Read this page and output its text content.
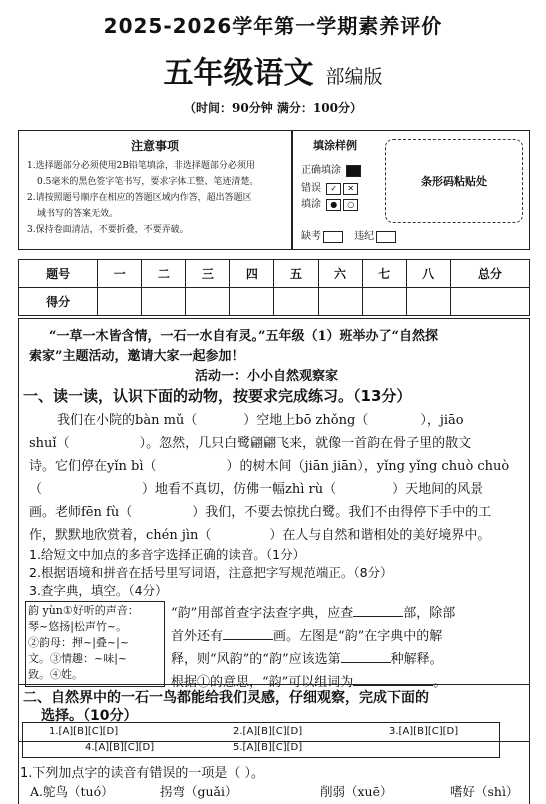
2025-2026学年第一学期素养评价
五年级语文 部编版
（时间：90分钟 满分：100分）
注意事项

1.选择题部分必须使用2B铅笔填涂，非选择题部分必须用

0.5毫米的黑色签字笔书写，要求字体工整、笔迹清楚。

2.请按照题号顺序在相应的答题区域内作答，超出答题区

域书写的答案无效。

3.保持卷面清洁，不要折叠，不要弄破。

填涂样例
正确填涂
错误 ✓ ✕
填涂 ● ○
缺考	违纪
条形码粘贴处
题号	一	二	三	四	五	六	七	八	总分
得分									
“一草一木皆含情，一石一水自有灵。”五年级（1）班举办了“自然探
索家”主题活动，邀请大家一起参加！
活动一：小小自然观察家
一、读一读，认识下面的动物，按要求完成练习。（13分）
我们在小院的bàn mǔ（	）空地上bō zhǒng（	），jiāo
shuǐ（	）。忽然，几只白鹭翩翩飞来，就像一首韵在骨子里的散文
诗。它们停在yǐn bì（	）的树木间（jiān jiān），yǐng yǐng chuò chuò
（	）地看不真切，仿佛一幅zhì rù（	）天地间的风景
画。老师fēn fù（	）我们，不要去惊扰白鹭。我们不由得停下手中的工
作，默默地欣赏着，chén jìn（	）在人与自然和谐相处的美好境界中。
1.给短文中加点的多音字选择正确的读音。（1分）
2.根据语境和拼音在括号里写词语，注意把字写规范端正。（8分）
3.查字典，填空。（4分）
韵 yùn①好听的声音：
琴~悠扬|松声竹~。
②韵母：押~|叠~|~
文。③情趣：~味|~
致。④姓。
“韵”用部首查字法查字典，应查	部，除部
首外还有	画。左图是“韵”在字典中的解
释，则“风韵”的“韵”应该选第	种解释。
根据①的意思，“韵”可以组词为	。
二、自然界中的一石一鸟都能给我们灵感，仔细观察，完成下面的
选择。（10分）
1.[A][B][C][D]	2.[A][B][C][D]	3.[A][B][C][D]
4.[A][B][C][D]	5.[A][B][C][D]
1.下列加点字的读音有错误的一项是（ ）。
A.鸵鸟（tuó）	拐弯（guǎi）	削弱（xuē）	嗜好（shì）
